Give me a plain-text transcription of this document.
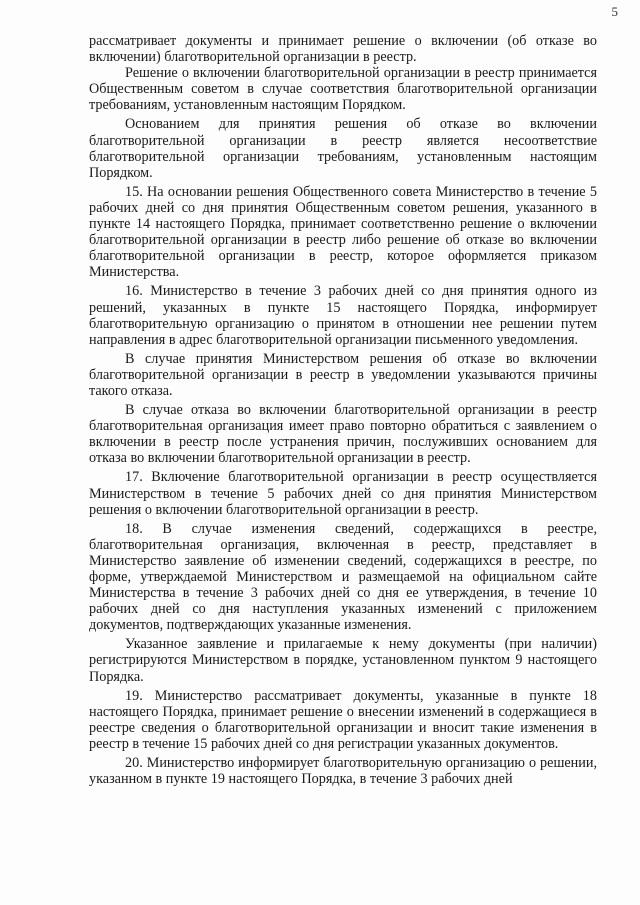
5

рассматривает документы и принимает решение о включении (об отказе во включении) благотворительной организации в реестр.

Решение о включении благотворительной организации в реестр принимается Общественным советом в случае соответствия благотворительной организации требованиям, установленным настоящим Порядком.

Основанием для принятия решения об отказе во включении благотворительной организации в реестр является несоответствие благотворительной организации требованиям, установленным настоящим Порядком.

15. На основании решения Общественного совета Министерство в течение 5 рабочих дней со дня принятия Общественным советом решения, указанного в пункте 14 настоящего Порядка, принимает соответственно решение о включении благотворительной организации в реестр либо решение об отказе во включении благотворительной организации в реестр, которое оформляется приказом Министерства.

16. Министерство в течение 3 рабочих дней со дня принятия одного из решений, указанных в пункте 15 настоящего Порядка, информирует благотворительную организацию о принятом в отношении нее решении путем направления в адрес благотворительной организации письменного уведомления.

В случае принятия Министерством решения об отказе во включении благотворительной организации в реестр в уведомлении указываются причины такого отказа.

В случае отказа во включении благотворительной организации в реестр благотворительная организация имеет право повторно обратиться с заявлением о включении в реестр после устранения причин, послуживших основанием для отказа во включении благотворительной организации в реестр.

17. Включение благотворительной организации в реестр осуществляется Министерством в течение 5 рабочих дней со дня принятия Министерством решения о включении благотворительной организации в реестр.

18. В случае изменения сведений, содержащихся в реестре, благотворительная организация, включенная в реестр, представляет в Министерство заявление об изменении сведений, содержащихся в реестре, по форме, утверждаемой Министерством и размещаемой на официальном сайте Министерства в течение 3 рабочих дней со дня ее утверждения, в течение 10 рабочих дней со дня наступления указанных изменений с приложением документов, подтверждающих указанные изменения.

Указанное заявление и прилагаемые к нему документы (при наличии) регистрируются Министерством в порядке, установленном пунктом 9 настоящего Порядка.

19. Министерство рассматривает документы, указанные в пункте 18 настоящего Порядка, принимает решение о внесении изменений в содержащиеся в реестре сведения о благотворительной организации и вносит такие изменения в реестр в течение 15 рабочих дней со дня регистрации указанных документов.

20. Министерство информирует благотворительную организацию о решении, указанном в пункте 19 настоящего Порядка, в течение 3 рабочих дней
